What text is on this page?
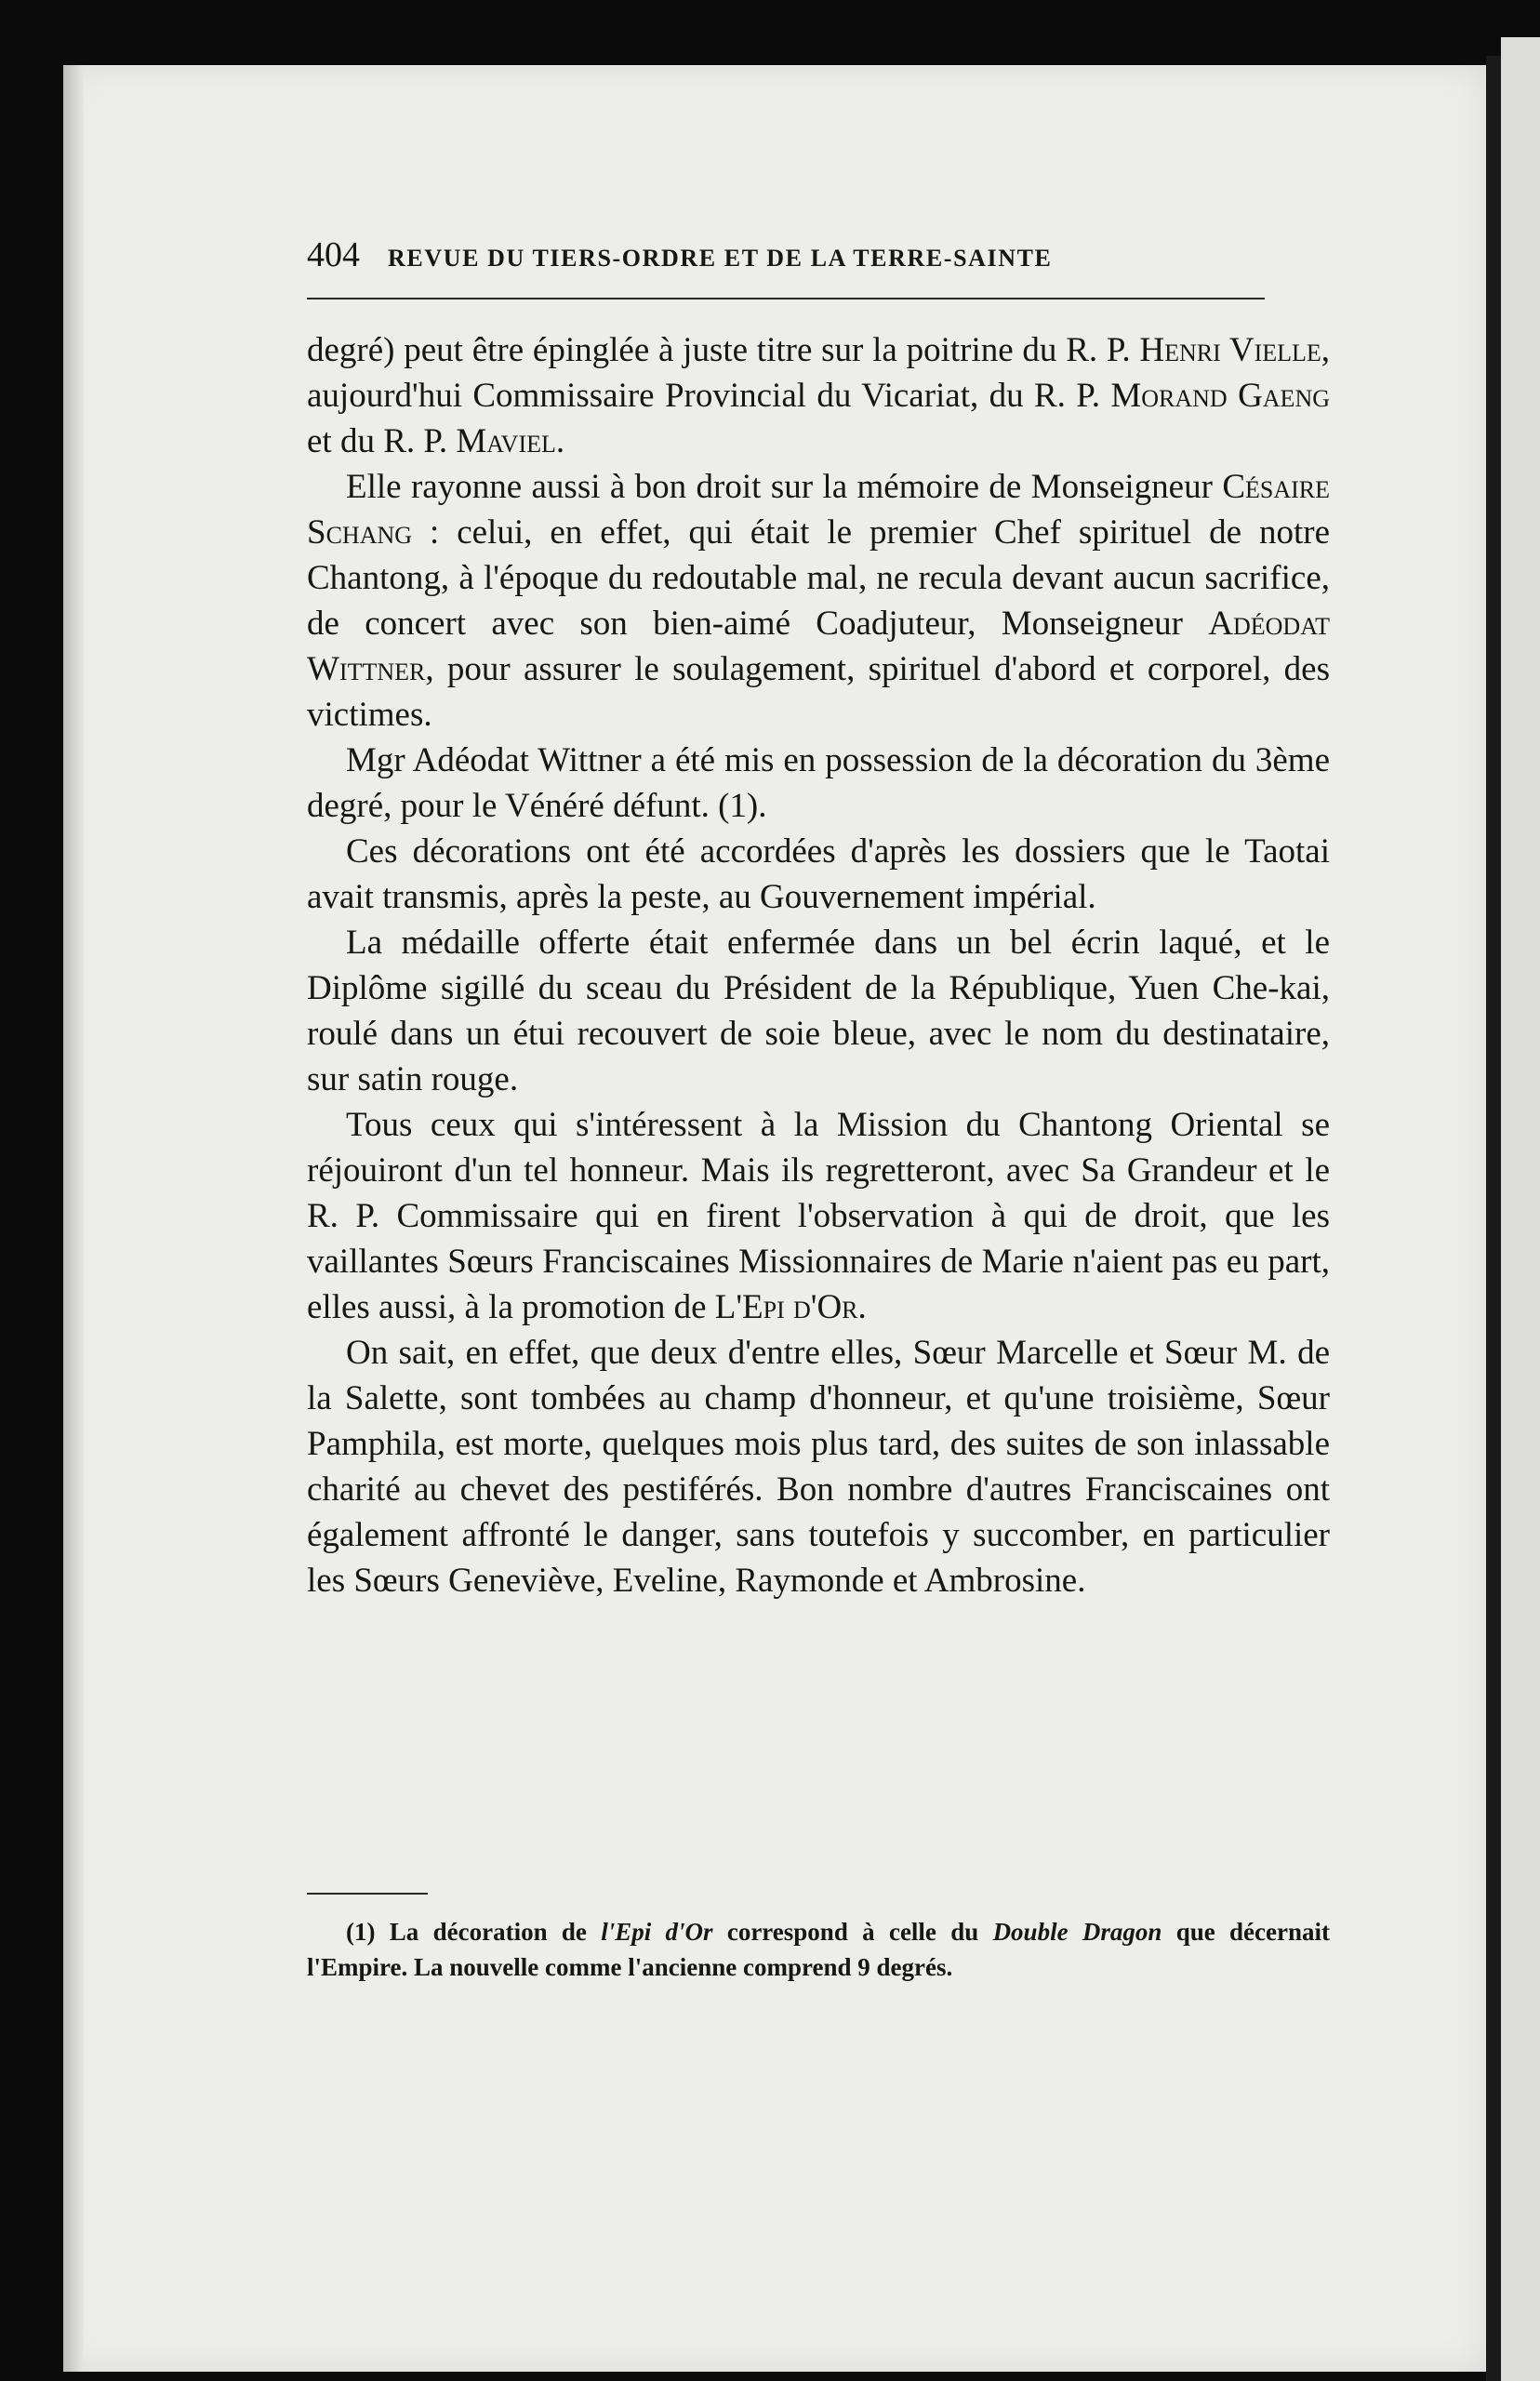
404 REVUE DU TIERS-ORDRE ET DE LA TERRE-SAINTE

degré) peut être épinglée à juste titre sur la poitrine du R. P. Henri Vielle, aujourd'hui Commissaire Provincial du Vicariat, du R. P. Morand Gaeng et du R. P. Maviel.

Elle rayonne aussi à bon droit sur la mémoire de Monseigneur Césaire Schang : celui, en effet, qui était le premier Chef spirituel de notre Chantong, à l'époque du redoutable mal, ne recula devant aucun sacrifice, de concert avec son bien-aimé Coadjuteur, Monseigneur Adéodat Wittner, pour assurer le soulagement, spirituel d'abord et corporel, des victimes.

Mgr Adéodat Wittner a été mis en possession de la décoration du 3ème degré, pour le Vénéré défunt. (1).

Ces décorations ont été accordées d'après les dossiers que le Taotai avait transmis, après la peste, au Gouvernement impérial.

La médaille offerte était enfermée dans un bel écrin laqué, et le Diplôme sigillé du sceau du Président de la République, Yuen Che-kai, roulé dans un étui recouvert de soie bleue, avec le nom du destinataire, sur satin rouge.

Tous ceux qui s'intéressent à la Mission du Chantong Oriental se réjouiront d'un tel honneur. Mais ils regretteront, avec Sa Grandeur et le R. P. Commissaire qui en firent l'observation à qui de droit, que les vaillantes Sœurs Franciscaines Missionnaires de Marie n'aient pas eu part, elles aussi, à la promotion de L'Epi d'Or.

On sait, en effet, que deux d'entre elles, Sœur Marcelle et Sœur M. de la Salette, sont tombées au champ d'honneur, et qu'une troisième, Sœur Pamphila, est morte, quelques mois plus tard, des suites de son inlassable charité au chevet des pestiférés. Bon nombre d'autres Franciscaines ont également affronté le danger, sans toutefois y succomber, en particulier les Sœurs Geneviève, Eveline, Raymonde et Ambrosine.

(1) La décoration de l'Epi d'Or correspond à celle du Double Dragon que décernait l'Empire. La nouvelle comme l'ancienne comprend 9 degrés.
